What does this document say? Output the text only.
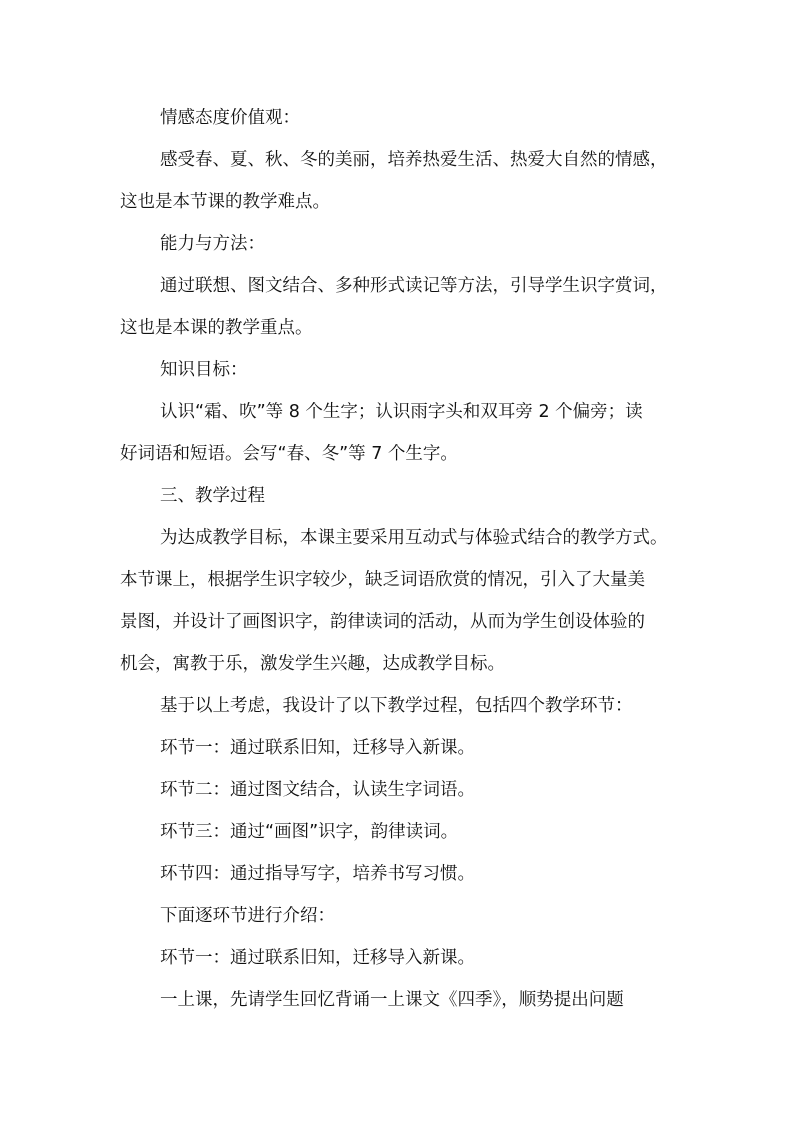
情感态度价值观：

感受春、夏、秋、冬的美丽，培养热爱生活、热爱大自然的情感，

这也是本节课的教学难点。

能力与方法：

通过联想、图文结合、多种形式读记等方法，引导学生识字赏词，

这也是本课的教学重点。

知识目标：

认识“霜、吹”等 8 个生字；认识雨字头和双耳旁 2 个偏旁；读

好词语和短语。会写“春、冬”等 7 个生字。

三、教学过程

为达成教学目标，本课主要采用互动式与体验式结合的教学方式。

本节课上，根据学生识字较少，缺乏词语欣赏的情况，引入了大量美

景图，并设计了画图识字，韵律读词的活动，从而为学生创设体验的

机会，寓教于乐，激发学生兴趣，达成教学目标。

基于以上考虑，我设计了以下教学过程，包括四个教学环节：

环节一：通过联系旧知，迁移导入新课。

环节二：通过图文结合，认读生字词语。

环节三：通过“画图”识字，韵律读词。

环节四：通过指导写字，培养书写习惯。

下面逐环节进行介绍：

环节一：通过联系旧知，迁移导入新课。

一上课，先请学生回忆背诵一上课文《四季》，顺势提出问题
